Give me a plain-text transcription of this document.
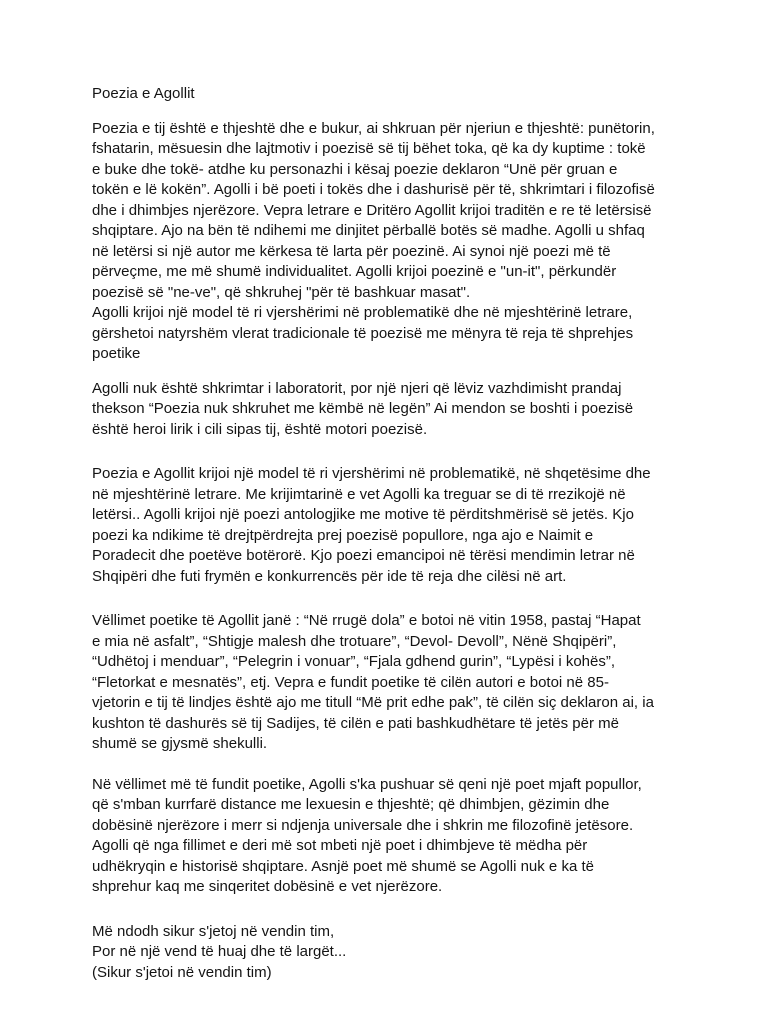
Poezia e Agollit

Poezia e tij është e thjeshtë dhe e bukur, ai shkruan për njeriun e thjeshtë: punëtorin,
fshatarin, mësuesin dhe lajtmotiv i poezisë së tij bëhet toka, që ka dy kuptime : tokë
e buke dhe tokë- atdhe ku personazhi i kësaj poezie deklaron “Unë për gruan e
tokën e lë kokën”. Agolli i bë poeti i tokës dhe i dashurisë për të, shkrimtari i filozofisë
dhe i dhimbjes njerëzore. Vepra letrare e Dritëro Agollit krijoi traditën e re të letërsisë
shqiptare. Ajo na bën të ndihemi me dinjitet përballë botës së madhe. Agolli u shfaq
në letërsi si një autor me kërkesa të larta për poezinë. Ai synoi një poezi më të
përveçme, me më shumë individualitet. Agolli krijoi poezinë e "un-it", përkundër
poezisë së "ne-ve", që shkruhej "për të bashkuar masat".
Agolli krijoi një model të ri vjershërimi në problematikë dhe në mjeshtërinë letrare,
gërshetoi natyrshëm vlerat tradicionale të poezisë me mënyra të reja të shprehjes
poetike

Agolli nuk është shkrimtar i laboratorit, por një njeri që lëviz vazhdimisht prandaj
thekson “Poezia nuk shkruhet me këmbë në legën” Ai mendon se boshti i poezisë
është heroi lirik i cili sipas tij, është motori poezisë.

Poezia e Agollit krijoi një model të ri vjershërimi në problematikë, në shqetësime dhe
në mjeshtërinë letrare. Me krijimtarinë e vet Agolli ka treguar se di të rrezikojë në
letërsi.. Agolli krijoi një poezi antologjike me motive të përditshmërisë së jetës. Kjo
poezi ka ndikime të drejtpërdrejta prej poezisë popullore, nga ajo e Naimit e
Poradecit dhe poetëve botërorë. Kjo poezi emancipoi në tërësi mendimin letrar në
Shqipëri dhe futi frymën e konkurrencës për ide të reja dhe cilësi në art.

Vëllimet poetike të Agollit janë : “Në rrugë dola” e botoi në vitin 1958, pastaj “Hapat
e mia në asfalt”, “Shtigje malesh dhe trotuare”, “Devol- Devoll”, Nënë Shqipëri”,
“Udhëtoj i menduar”, “Pelegrin i vonuar”, “Fjala gdhend gurin”, “Lypësi i kohës”,
“Fletorkat e mesnatës”, etj. Vepra e fundit poetike të cilën autori e botoi në 85-
vjetorin e tij të lindjes është ajo me titull “Më prit edhe pak”, të cilën siç deklaron ai, ia
kushton të dashurës së tij Sadijes, të cilën e pati bashkudhëtare të jetës për më
shumë se gjysmë shekulli.

Në vëllimet më të fundit poetike, Agolli s'ka pushuar së qeni një poet mjaft popullor,
që s'mban kurrfarë distance me lexuesin e thjeshtë; që dhimbjen, gëzimin dhe
dobësinë njerëzore i merr si ndjenja universale dhe i shkrin me filozofinë jetësore.
Agolli që nga fillimet e deri më sot mbeti një poet i dhimbjeve të mëdha për
udhëkryqin e historisë shqiptare. Asnjë poet më shumë se Agolli nuk e ka të
shprehur kaq me sinqeritet dobësinë e vet njerëzore.

Më ndodh sikur s'jetoj në vendin tim,
Por në një vend të huaj dhe të largët...
(Sikur s'jetoi në vendin tim)
